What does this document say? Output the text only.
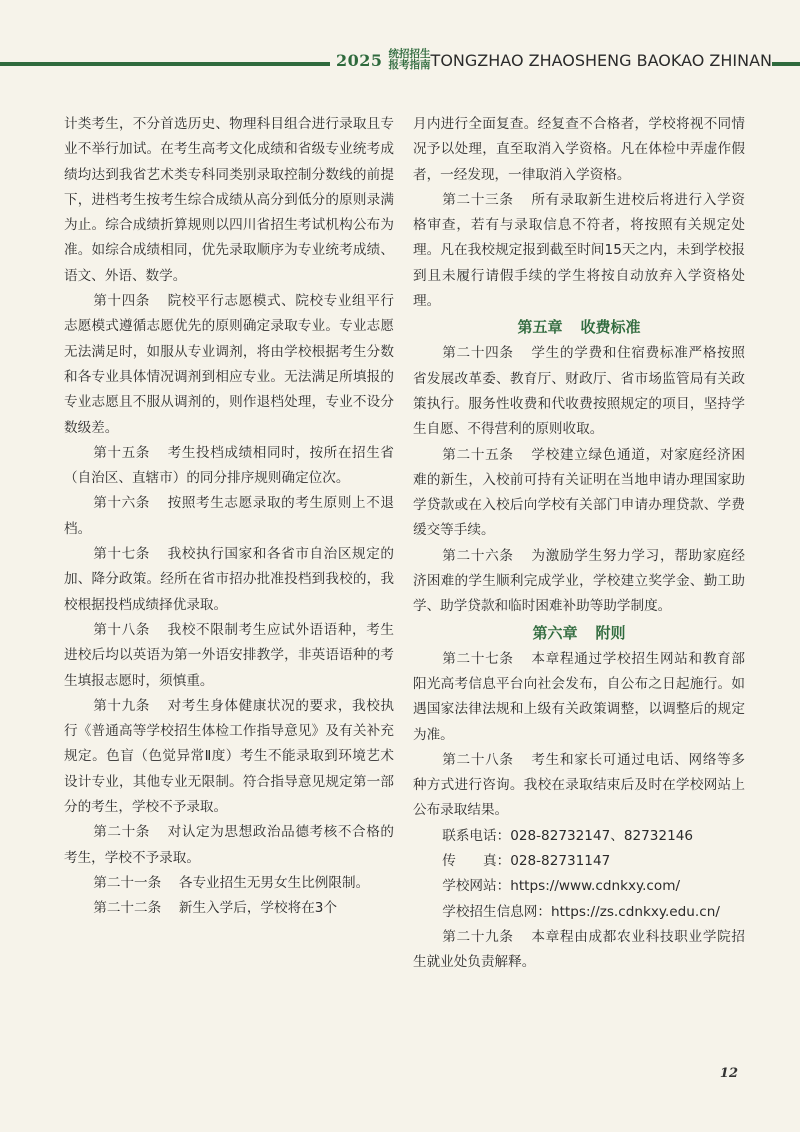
2025 统招招生
报考指南 TONGZHAO ZHAOSHENG BAOKAO ZHINAN

计类考生，不分首选历史、物理科目组合进行录取且专业不举行加试。在考生高考文化成绩和省级专业统考成绩均达到我省艺术类专科同类别录取控制分数线的前提下，进档考生按考生综合成绩从高分到低分的原则录满为止。综合成绩折算规则以四川省招生考试机构公布为准。如综合成绩相同，优先录取顺序为专业统考成绩、语文、外语、数学。

第十四条 院校平行志愿模式、院校专业组平行志愿模式遵循志愿优先的原则确定录取专业。专业志愿无法满足时，如服从专业调剂，将由学校根据考生分数和各专业具体情况调剂到相应专业。无法满足所填报的专业志愿且不服从调剂的，则作退档处理，专业不设分数级差。

第十五条 考生投档成绩相同时，按所在招生省（自治区、直辖市）的同分排序规则确定位次。

第十六条 按照考生志愿录取的考生原则上不退档。

第十七条 我校执行国家和各省市自治区规定的加、降分政策。经所在省市招办批准投档到我校的，我校根据投档成绩择优录取。

第十八条 我校不限制考生应试外语语种，考生进校后均以英语为第一外语安排教学，非英语语种的考生填报志愿时，须慎重。

第十九条 对考生身体健康状况的要求，我校执行《普通高等学校招生体检工作指导意见》及有关补充规定。色盲（色觉异常Ⅱ度）考生不能录取到环境艺术设计专业，其他专业无限制。符合指导意见规定第一部分的考生，学校不予录取。

第二十条 对认定为思想政治品德考核不合格的考生，学校不予录取。

第二十一条 各专业招生无男女生比例限制。

第二十二条 新生入学后，学校将在3个

月内进行全面复查。经复查不合格者，学校将视不同情况予以处理，直至取消入学资格。凡在体检中弄虚作假者，一经发现，一律取消入学资格。

第二十三条 所有录取新生进校后将进行入学资格审查，若有与录取信息不符者，将按照有关规定处理。凡在我校规定报到截至时间15天之内，未到学校报到且未履行请假手续的学生将按自动放弃入学资格处理。

第五章 收费标准

第二十四条 学生的学费和住宿费标准严格按照省发展改革委、教育厅、财政厅、省市场监管局有关政策执行。服务性收费和代收费按照规定的项目，坚持学生自愿、不得营利的原则收取。

第二十五条 学校建立绿色通道，对家庭经济困难的新生，入校前可持有关证明在当地申请办理国家助学贷款或在入校后向学校有关部门申请办理贷款、学费缓交等手续。

第二十六条 为激励学生努力学习，帮助家庭经济困难的学生顺利完成学业，学校建立奖学金、勤工助学、助学贷款和临时困难补助等助学制度。

第六章 附则

第二十七条 本章程通过学校招生网站和教育部阳光高考信息平台向社会发布，自公布之日起施行。如遇国家法律法规和上级有关政策调整，以调整后的规定为准。

第二十八条 考生和家长可通过电话、网络等多种方式进行咨询。我校在录取结束后及时在学校网站上公布录取结果。

联系电话：028-82732147、82732146

传　　真：028-82731147

学校网站：https://www.cdnkxy.com/

学校招生信息网：https://zs.cdnkxy.edu.cn/

第二十九条 本章程由成都农业科技职业学院招生就业处负责解释。

12
